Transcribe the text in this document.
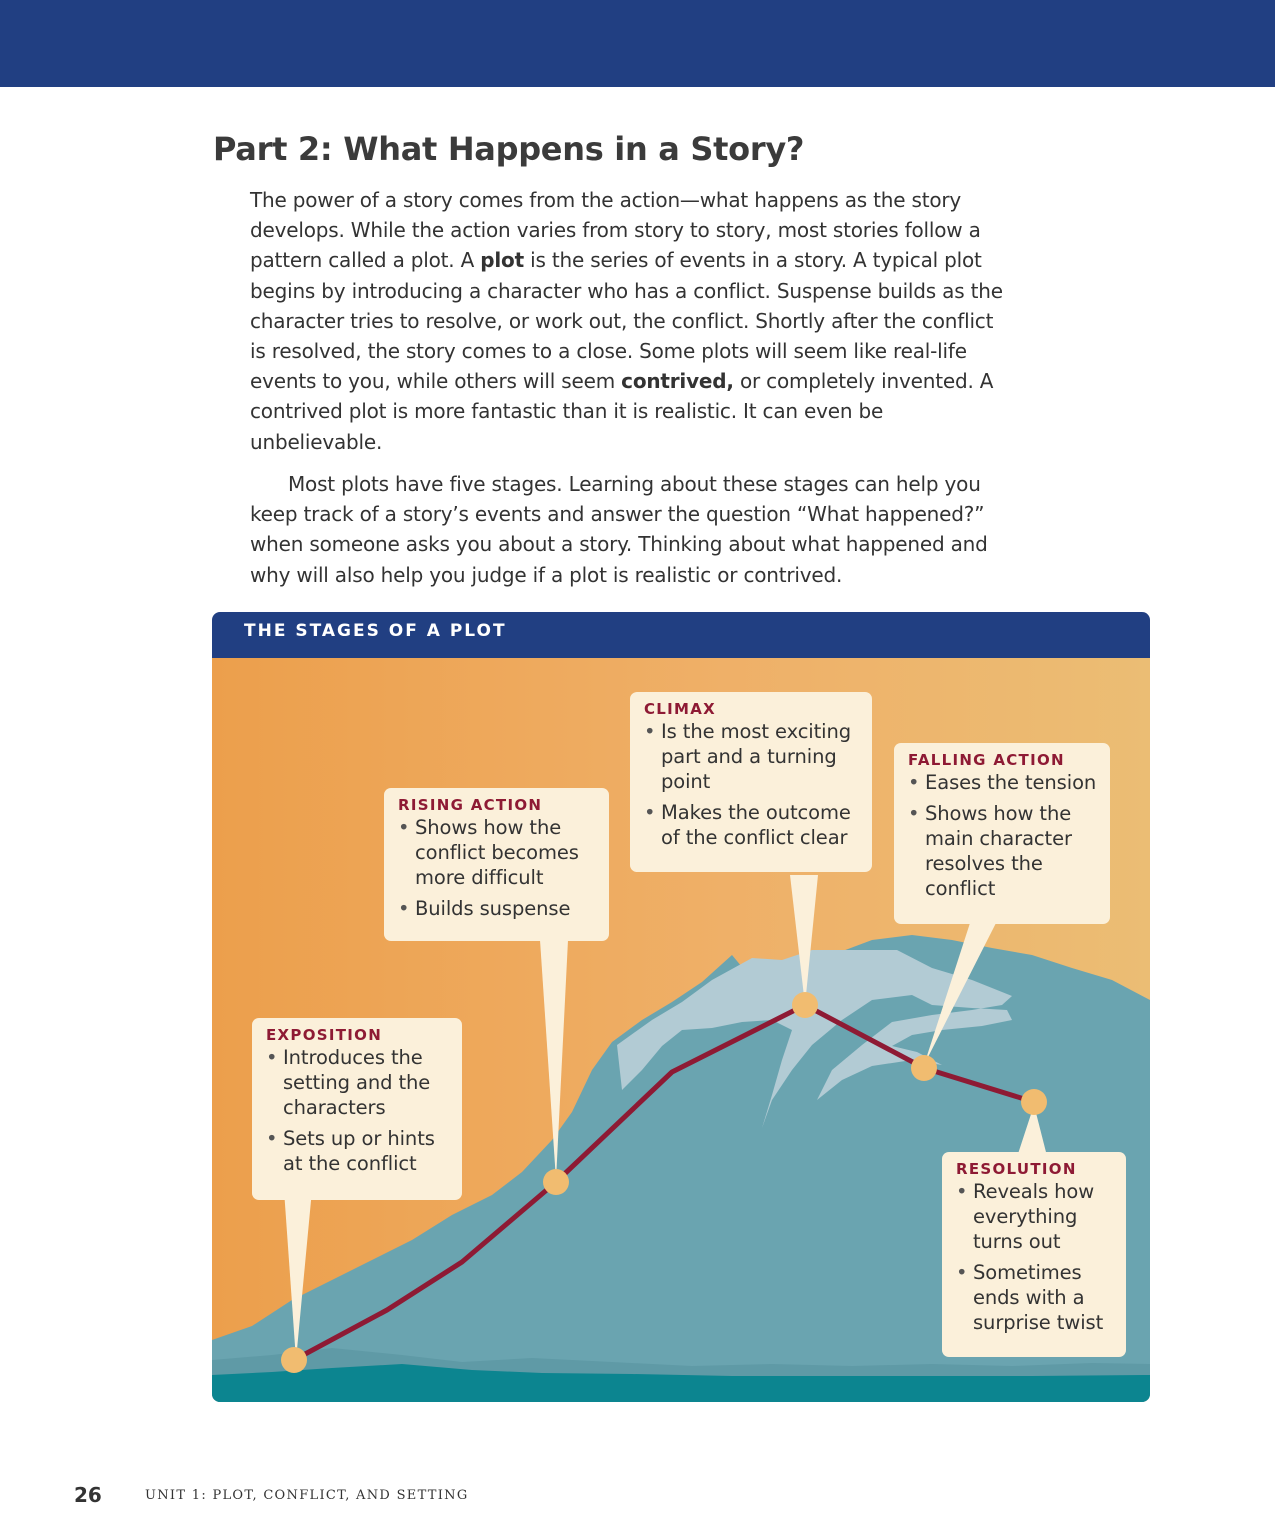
Part 2: What Happens in a Story?

The power of a story comes from the action—what happens as the story develops. While the action varies from story to story, most stories follow a pattern called a plot. A plot is the series of events in a story. A typical plot begins by introducing a character who has a conflict. Suspense builds as the character tries to resolve, or work out, the conflict. Shortly after the conflict is resolved, the story comes to a close. Some plots will seem like real-life events to you, while others will seem contrived, or completely invented. A contrived plot is more fantastic than it is realistic. It can even be unbelievable.

Most plots have five stages. Learning about these stages can help you keep track of a story’s events and answer the question “What happened?” when someone asks you about a story. Thinking about what happened and why will also help you judge if a plot is realistic or contrived.

THE STAGES OF A PLOT
EXPOSITION
• Introduces the setting and the characters
• Sets up or hints at the conflict
RISING ACTION
• Shows how the conflict becomes more difficult
• Builds suspense
CLIMAX
• Is the most exciting part and a turning point
• Makes the outcome of the conflict clear
FALLING ACTION
• Eases the tension
• Shows how the main character resolves the conflict
RESOLUTION
• Reveals how everything turns out
• Sometimes ends with a surprise twist
26	UNIT 1: PLOT, CONFLICT, AND SETTING
